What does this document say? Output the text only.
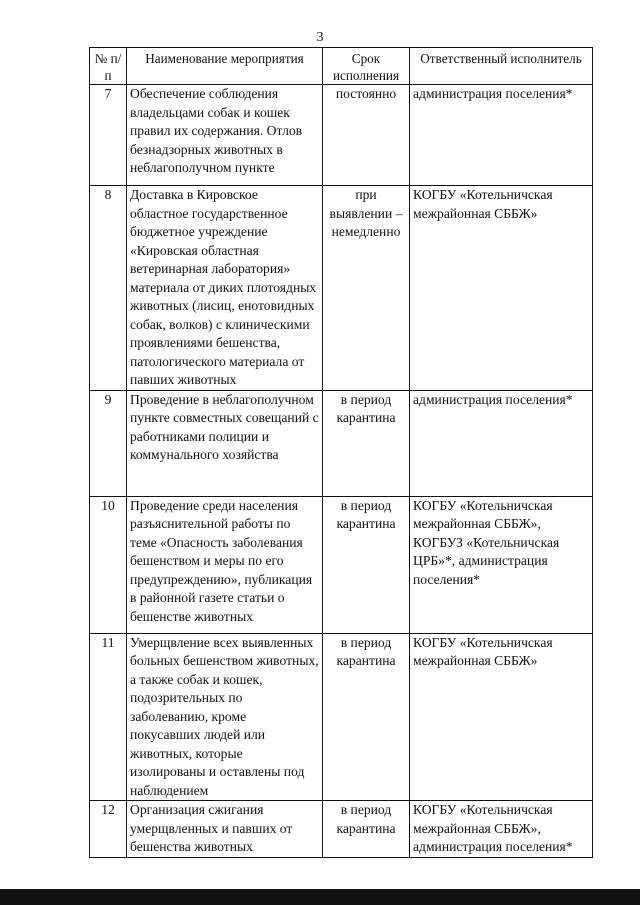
3
№ п/п	Наименование мероприятия	Срок исполнения	Ответственный исполнитель
7	Обеспечение соблюдения владельцами собак и кошек правил их содержания. Отлов безнадзорных животных в неблагополучном пункте	постоянно	администрация поселения*
8	Доставка в Кировское областное государственное бюджетное учреждение «Кировская областная ветеринарная лаборатория» материала от диких плотоядных животных (лисиц, енотовидных собак, волков) с клиническими проявлениями бешенства, патологического материала от павших животных	при выявлении – немедленно	КОГБУ «Котельничская межрайонная СББЖ»
9	Проведение в неблагополучном пункте совместных совещаний с работниками полиции и коммунального хозяйства	в период карантина	администрация поселения*
10	Проведение среди населения разъяснительной работы по теме «Опасность заболевания бешенством и меры по его предупреждению», публикация в районной газете статьи о бешенстве животных	в период карантина	КОГБУ «Котельничская межрайонная СББЖ», КОГБУЗ «Котельничская ЦРБ»*, администрация поселения*
11	Умерщвление всех выявленных больных бешенством животных, а также собак и кошек, подозрительных по заболеванию, кроме покусавших людей или животных, которые изолированы и оставлены под наблюдением	в период карантина	КОГБУ «Котельничская межрайонная СББЖ»
12	Организация сжигания умерщвленных и павших от бешенства животных	в период карантина	КОГБУ «Котельничская межрайонная СББЖ», администрация поселения*
